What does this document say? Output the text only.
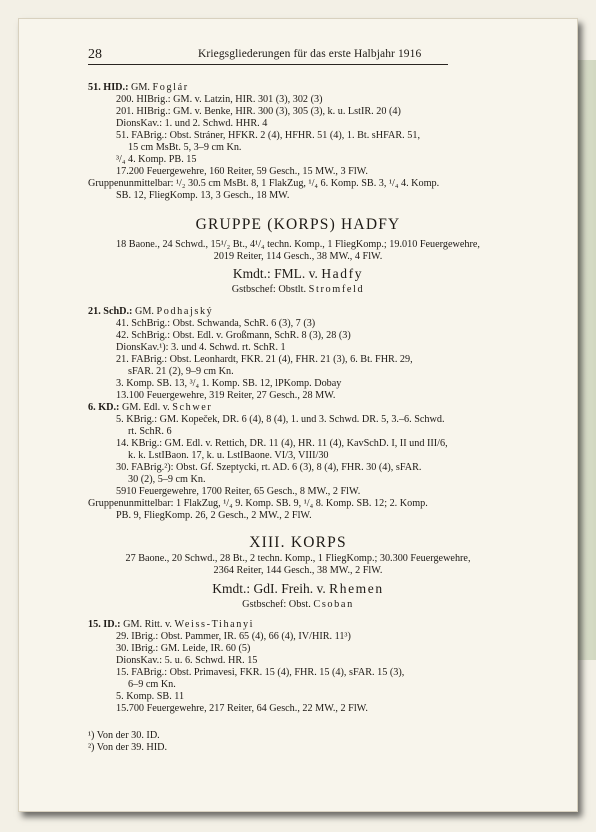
28	Kriegsgliederungen für das erste Halbjahr 1916
51. HID.: GM. Foglár
200. HIBrig.: GM. v. Latzin, HIR. 301 (3), 302 (3)
201. HIBrig.: GM. v. Benke, HIR. 300 (3), 305 (3), k. u. LstIR. 20 (4)
DionsKav.: 1. und 2. Schwd. HHR. 4
51. FABrig.: Obst. Stráner, HFKR. 2 (4), HFHR. 51 (4), 1. Bt. sHFAR. 51,
15 cm MsBt. 5, 3–9 cm Kn.
³/₄ 4. Komp. PB. 15
17.200 Feuergewehre, 160 Reiter, 59 Gesch., 15 MW., 3 FlW.
Gruppenunmittelbar: ¹/₂ 30.5 cm MsBt. 8, 1 FlakZug, ¹/₄ 6. Komp. SB. 3, ¹/₄ 4. Komp.
SB. 12, FliegKomp. 13, 3 Gesch., 18 MW.
GRUPPE (KORPS) HADFY
18 Baone., 24 Schwd., 15¹/₂ Bt., 4¹/₄ techn. Komp., 1 FliegKomp.; 19.010 Feuergewehre,
2019 Reiter, 114 Gesch., 38 MW., 4 FlW.
Kmdt.: FML. v. Hadfy
Gstbschef: Obstlt. Stromfeld
21. SchD.: GM. Podhajský
41. SchBrig.: Obst. Schwanda, SchR. 6 (3), 7 (3)
42. SchBrig.: Obst. Edl. v. Großmann, SchR. 8 (3), 28 (3)
DionsKav.¹): 3. und 4. Schwd. rt. SchR. 1
21. FABrig.: Obst. Leonhardt, FKR. 21 (4), FHR. 21 (3), 6. Bt. FHR. 29,
sFAR. 21 (2), 9–9 cm Kn.
3. Komp. SB. 13, ³/₄ 1. Komp. SB. 12, lPKomp. Dobay
13.100 Feuergewehre, 319 Reiter, 27 Gesch., 28 MW.
6. KD.: GM. Edl. v. Schwer
5. KBrig.: GM. Kopeček, DR. 6 (4), 8 (4), 1. und 3. Schwd. DR. 5, 3.–6. Schwd.
rt. SchR. 6
14. KBrig.: GM. Edl. v. Rettich, DR. 11 (4), HR. 11 (4), KavSchD. I, II und III/6,
k. k. LstIBaon. 17, k. u. LstIBaone. VI/3, VIII/30
30. FABrig.²): Obst. Gf. Szeptycki, rt. AD. 6 (3), 8 (4), FHR. 30 (4), sFAR.
30 (2), 5–9 cm Kn.
5910 Feuergewehre, 1700 Reiter, 65 Gesch., 8 MW., 2 FlW.
Gruppenunmittelbar: 1 FlakZug, ¹/₄ 9. Komp. SB. 9, ¹/₄ 8. Komp. SB. 12; 2. Komp.
PB. 9, FliegKomp. 26, 2 Gesch., 2 MW., 2 FlW.
XIII. KORPS
27 Baone., 20 Schwd., 28 Bt., 2 techn. Komp., 1 FliegKomp.; 30.300 Feuergewehre,
2364 Reiter, 144 Gesch., 38 MW., 2 FlW.
Kmdt.: GdI. Freih. v. Rhemen
Gstbschef: Obst. Csoban
15. ID.: GM. Ritt. v. Weiss-Tihanyi
29. IBrig.: Obst. Pammer, IR. 65 (4), 66 (4), IV/HIR. 11³)
30. IBrig.: GM. Leide, IR. 60 (5)
DionsKav.: 5. u. 6. Schwd. HR. 15
15. FABrig.: Obst. Primavesi, FKR. 15 (4), FHR. 15 (4), sFAR. 15 (3),
6–9 cm Kn.
5. Komp. SB. 11
15.700 Feuergewehre, 217 Reiter, 64 Gesch., 22 MW., 2 FlW.
¹) Von der 30. ID.
²) Von der 39. HID.
